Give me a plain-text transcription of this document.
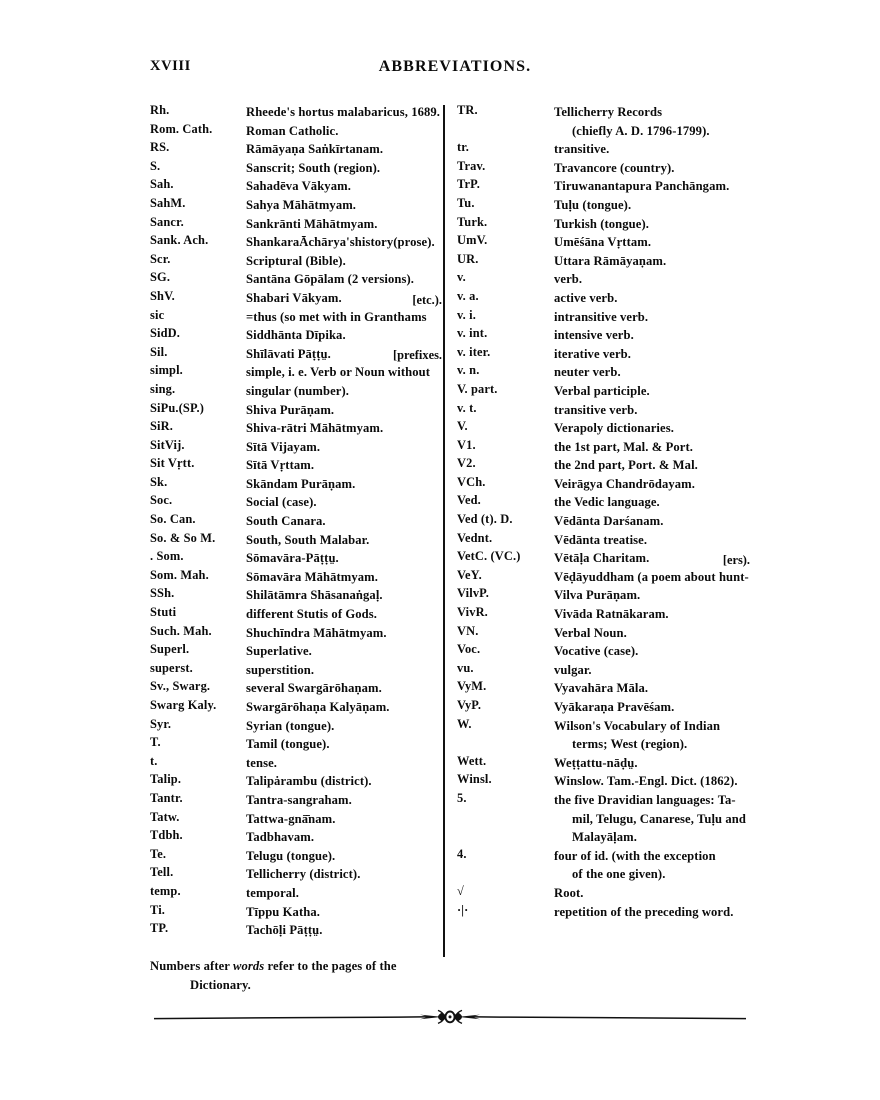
XVIII	ABBREVIATIONS.
Rh.	Rheede's hortus malabaricus, 1689.
Rom. Cath.	Roman Catholic.
RS.	Rāmāyaṇa Saṅkīrtanam.
S.	Sanscrit; South (region).
Sah.	Sahadēva Vākyam.
SahM.	Sahya Māhātmyam.
Sancr.	Sankrānti Māhātmyam.
Sank. Ach.	ShankaraĀchārya'shistory(prose).
Scr.	Scriptural (Bible).
SG.	Santāna Gōpālam (2 versions).
ShV.	Shabari Vākyam.	[etc.).
sic	=thus (so met with in Granthams
SidD.	Siddhānta Dīpika.
Sil.	Shīlāvati Pāṭṭṳ.	[prefixes.
simpl.	simple, i. e. Verb or Noun without
sing.	singular (number).
SiPu.(SP.)	Shiva Purāṇam.
SiR.	Shiva-rātri Māhātmyam.
SitVij.	Sītā Vijayam.
Sit Vṛtt.	Sītā Vṛttam.
Sk.	Skāndam Purāṇam.
Soc.	Social (case).
So. Can.	South Canara.
So. & So M. South, South Malabar.
. Som.	Sōmavāra-Pāṭṭṳ.
Som. Mah.	Sōmavāra Māhātmyam.
SSh.	Shilātāmra Shāsanaṅgaḷ.
Stuti	different Stutis of Gods.
Such. Mah.	Shuchīndra Māhātmyam.
Superl.	Superlative.
superst.	superstition.
Sv., Swarg.	several Swargārōhaṇam.
Swarg Kaly. Swargārōhaṇa Kalyāṇam.
Syr.	Syrian (tongue).
T.	Tamil (tongue).
t.	tense.
Talip.	Talipȧrambu (district).
Tantr.	Tantra-sangraham.
Tatw.	Tattwa-gnā̄nam.
Tdbh.	Tadbhavam.
Te.	Telugu (tongue).
Tell.	Tellicherry (district).
temp.	temporal.
Ti.	Tīppu Katha.
TP.	Tachōḷi Pāṭṭṳ.
TR.	Tellicherry Records
(chiefly A. D. 1796-1799).
tr.	transitive.
Trav.	Travancore (country).
TrP.	Tiruwanantapura Panchāngam.
Tu.	Tuḷu (tongue).
Turk.	Turkish (tongue).
UmV.	Umēśāna Vṛttam.
UR.	Uttara Rāmāyaṇam.
v.	verb.
v. a.	active verb.
v. i.	intransitive verb.
v. int.	intensive verb.
v. iter.	iterative verb.
v. n.	neuter verb.
V. part.	Verbal participle.
v. t.	transitive verb.
V.	Verapoly dictionaries.
V1.	the 1st part, Mal. & Port.
V2.	the 2nd part, Port. & Mal.
VCh.	Veirāgya Chandrōdayam.
Ved.	the Vedic language.
Ved (t). D.	Vēdānta Darśanam.
Vednt.	Vēdānta treatise.
VetC. (VC.)	Vētāḷa Charitam.	[ers).
VeY.	Vēḍāyuddham (a poem about hunt-
VilvP.	Vilva Purāṇam.
VivR.	Vivāda Ratnākaram.
VN.	Verbal Noun.
Voc.	Vocative (case).
vu.	vulgar.
VyM.	Vyavahāra Māla.
VyP.	Vyākaraṇa Pravēśam.
W.	Wilson's Vocabulary of Indian
terms; West (region).
Wett.	Weṭṭattu-nāḍṳ.
Winsl.	Winslow. Tam.-Engl. Dict. (1862).
5.	the five Dravidian languages: Ta-
mil, Telugu, Canarese, Tuḷu and
Malayāḷam.
4.	four of id. (with the exception
of the one given).
√	Root.
·|·	repetition of the preceding word.
Numbers after words refer to the pages of the
Dictionary.
